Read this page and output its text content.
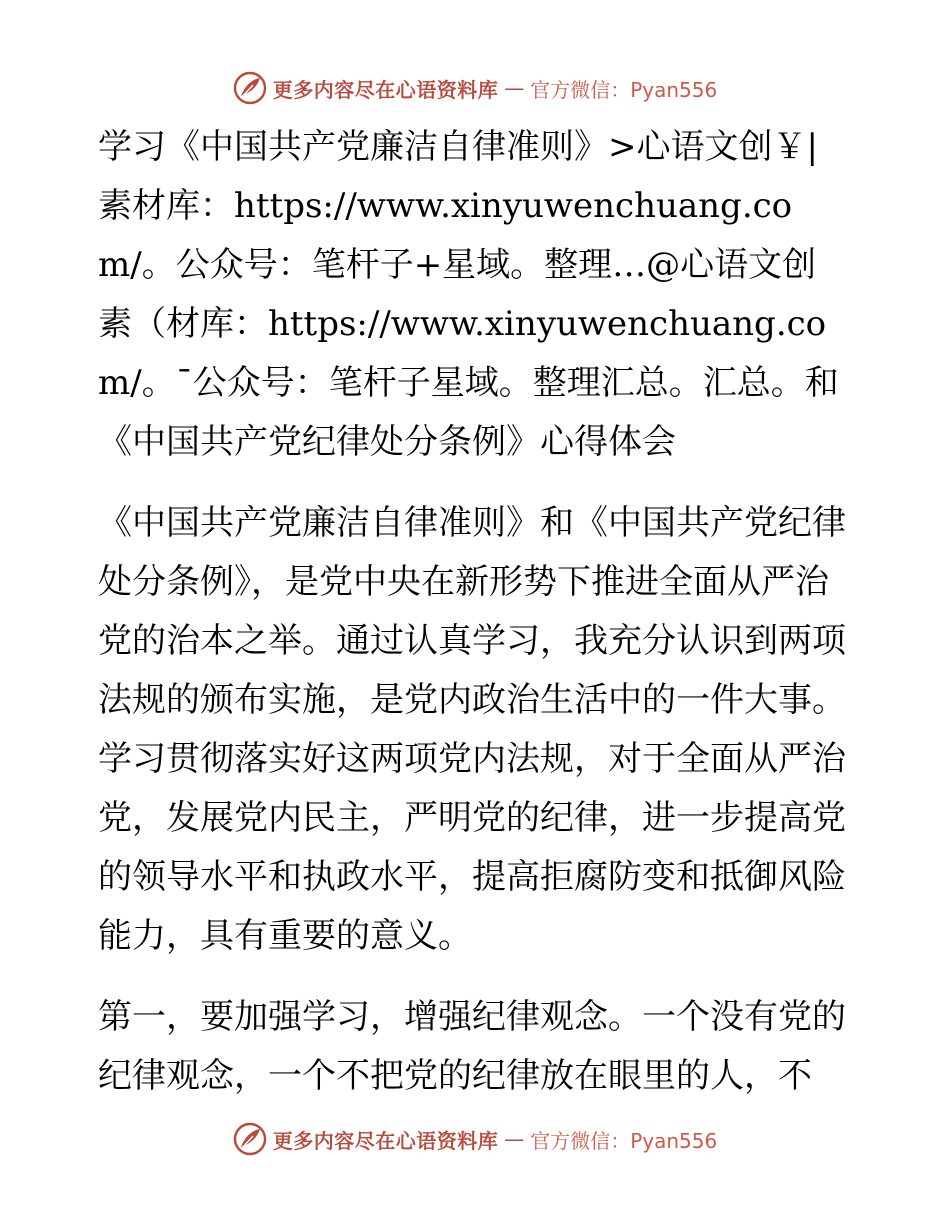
更多内容尽在心语资料库 — 官方微信：Pyan556

学习《中国共产党廉洁自律准则》>心语文创￥|素材库：https://www.xinyuwenchuang.com/。公众号：笔杆子+星域。整理…@心语文创素（材库：https://www.xinyuwenchuang.com/。¯公众号：笔杆子星域。整理汇总。汇总。和《中国共产党纪律处分条例》心得体会

《中国共产党廉洁自律准则》和《中国共产党纪律处分条例》，是党中央在新形势下推进全面从严治党的治本之举。通过认真学习，我充分认识到两项法规的颁布实施，是党内政治生活中的一件大事。学习贯彻落实好这两项党内法规，对于全面从严治党，发展党内民主，严明党的纪律，进一步提高党的领导水平和执政水平，提高拒腐防变和抵御风险能力，具有重要的意义。

第一，要加强学习，增强纪律观念。一个没有党的纪律观念，一个不把党的纪律放在眼里的人，不

更多内容尽在心语资料库 — 官方微信：Pyan556
